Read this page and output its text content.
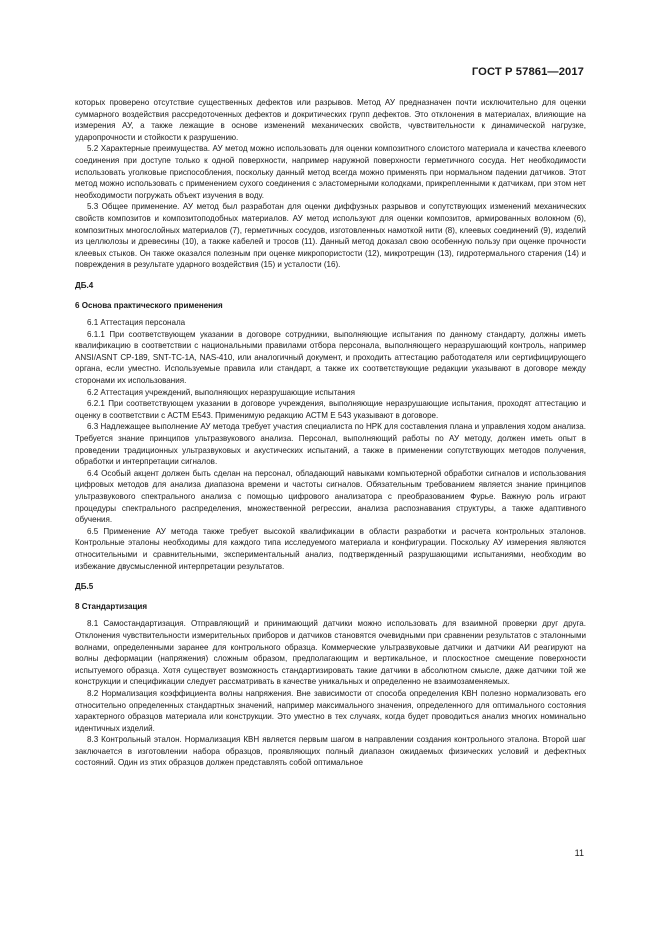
ГОСТ Р 57861—2017

которых проверено отсутствие существенных дефектов или разрывов. Метод АУ предназначен почти исключительно для оценки суммарного воздействия рассредоточенных дефектов и докритических групп дефектов. Это отклонения в материалах, влияющие на измерения АУ, а также лежащие в основе изменений механических свойств, чувствительности к динамической нагрузке, ударопрочности и стойкости к разрушению.

5.2 Характерные преимущества. АУ метод можно использовать для оценки композитного слоистого материала и качества клеевого соединения при доступе только к одной поверхности, например наружной поверхности герметичного сосуда. Нет необходимости использовать уголковые приспособления, поскольку данный метод всегда можно применять при нормальном падении датчиков. Этот метод можно использовать с применением сухого соединения с эластомерными колодками, прикрепленными к датчикам, при этом нет необходимости погружать объект изучения в воду.

5.3 Общее применение. АУ метод был разработан для оценки диффузных разрывов и сопутствующих изменений механических свойств композитов и композитоподобных материалов. АУ метод используют для оценки композитов, армированных волокном (6), композитных многослойных материалов (7), герметичных сосудов, изготовленных намоткой нити (8), клеевых соединений (9), изделий из целлюлозы и древесины (10), а также кабелей и тросов (11). Данный метод доказал свою особенную пользу при оценке прочности клеевых стыков. Он также оказался полезным при оценке микропористости (12), микротрещин (13), гидротермального старения (14) и повреждения в результате ударного воздействия (15) и усталости (16).

ДБ.4

6 Основа практического применения

6.1 Аттестация персонала

6.1.1 При соответствующем указании в договоре сотрудники, выполняющие испытания по данному стандарту, должны иметь квалификацию в соответствии с национальными правилами отбора персонала, выполняющего неразрушающий контроль, например ANSI/ASNT CP-189, SNT-TC-1A, NAS-410, или аналогичный документ, и проходить аттестацию работодателя или сертифицирующего органа, если уместно. Используемые правила или стандарт, а также их соответствующие редакции указывают в договоре между сторонами их использования.

6.2 Аттестация учреждений, выполняющих неразрушающие испытания

6.2.1 При соответствующем указании в договоре учреждения, выполняющие неразрушающие испытания, проходят аттестацию и оценку в соответствии с АСТМ Е543. Применимую редакцию АСТМ Е 543 указывают в договоре.

6.3 Надлежащее выполнение АУ метода требует участия специалиста по НРК для составления плана и управления ходом анализа. Требуется знание принципов ультразвукового анализа. Персонал, выполняющий работы по АУ методу, должен иметь опыт в проведении традиционных ультразвуковых и акустических испытаний, а также в применении сопутствующих методов получения, обработки и интерпретации сигналов.

6.4 Особый акцент должен быть сделан на персонал, обладающий навыками компьютерной обработки сигналов и использования цифровых методов для анализа диапазона времени и частоты сигналов. Обязательным требованием является знание принципов ультразвукового спектрального анализа с помощью цифрового анализатора с преобразованием Фурье. Важную роль играют процедуры спектрального распределения, множественной регрессии, анализа распознавания структуры, а также адаптивного обучения.

6.5 Применение АУ метода также требует высокой квалификации в области разработки и расчета контрольных эталонов. Контрольные эталоны необходимы для каждого типа исследуемого материала и конфигурации. Поскольку АУ измерения являются относительными и сравнительными, экспериментальный анализ, подтвержденный разрушающими испытаниями, необходим во избежание двусмысленной интерпретации результатов.

ДБ.5

8 Стандартизация

8.1 Самостандартизация. Отправляющий и принимающий датчики можно использовать для взаимной проверки друг друга. Отклонения чувствительности измерительных приборов и датчиков становятся очевидными при сравнении результатов с эталонными волнами, определенными заранее для контрольного образца. Коммерческие ультразвуковые датчики и датчики АИ реагируют на волны деформации (напряжения) сложным образом, предполагающим и вертикальное, и плоскостное смещение поверхности испытуемого образца. Хотя существует возможность стандартизировать такие датчики в абсолютном смысле, даже датчики той же конструкции и спецификации следует рассматривать в качестве уникальных и определенно не взаимозаменяемых.

8.2 Нормализация коэффициента волны напряжения. Вне зависимости от способа определения КВН полезно нормализовать его относительно определенных стандартных значений, например максимального значения, определенного для оптимального состояния характерного образцов материала или конструкции. Это уместно в тех случаях, когда будет проводиться анализ многих номинально идентичных изделий.

8.3 Контрольный эталон. Нормализация КВН является первым шагом в направлении создания контрольного эталона. Второй шаг заключается в изготовлении набора образцов, проявляющих полный диапазон ожидаемых физических условий и дефектных состояний. Один из этих образцов должен представлять собой оптимальное

11
